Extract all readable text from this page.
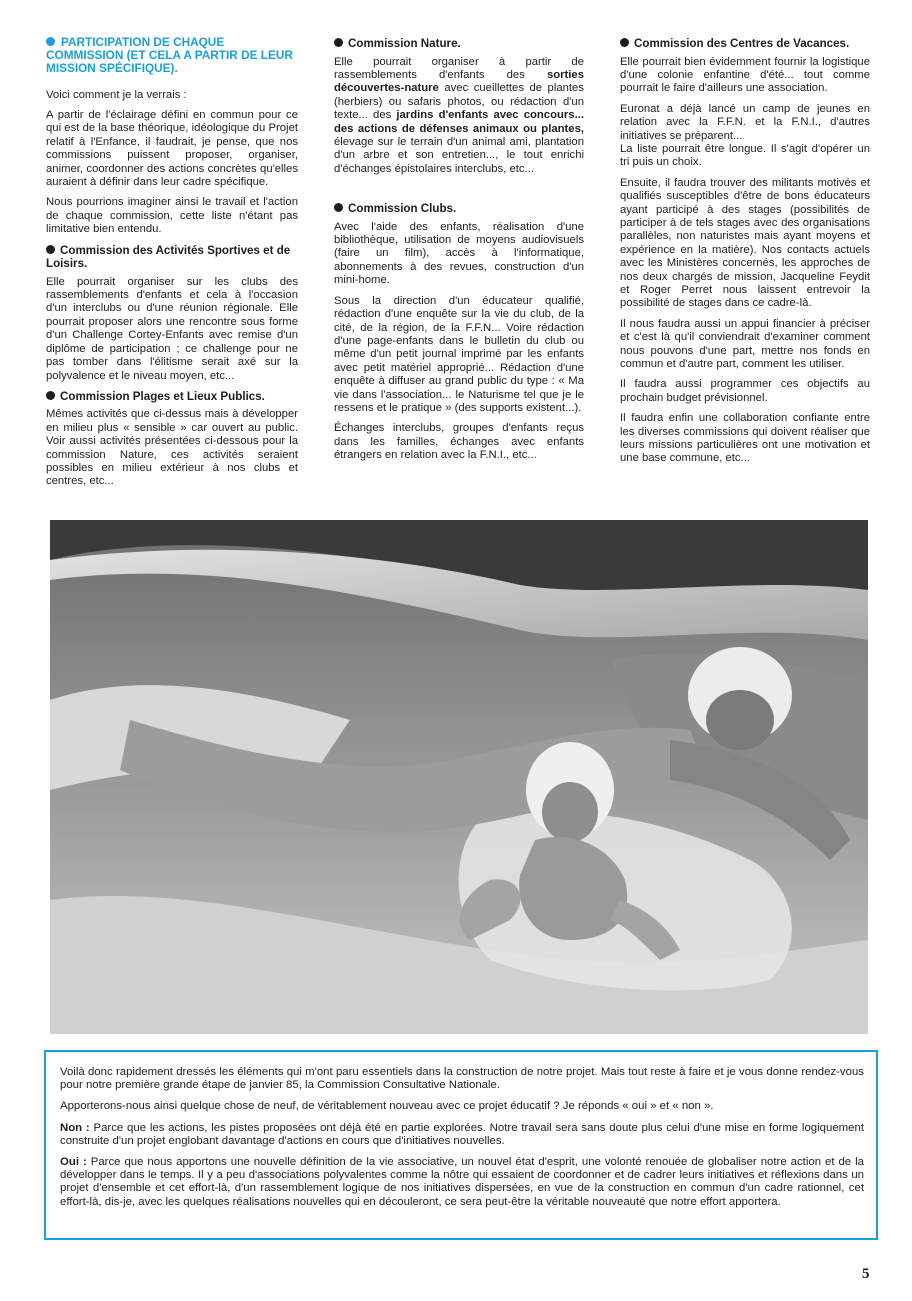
PARTICIPATION DE CHAQUE COMMISSION (ET CELA A PARTIR DE LEUR MISSION SPÉCIFIQUE).

Voici comment je la verrais :

A partir de l'éclairage défini en commun pour ce qui est de la base théorique, idéologique du Projet relatif à l'Enfance, il faudrait, je pense, que nos commissions puissent proposer, organiser, animer, coordonner des actions concrètes qu'elles auraient à définir dans leur cadre spécifique.

Nous pourrions imaginer ainsi le travail et l'action de chaque commission, cette liste n'étant pas limitative bien entendu.

Commission des Activités Sportives et de Loisirs.

Elle pourrait organiser sur les clubs des rassemblements d'enfants et cela à l'occasion d'un interclubs ou d'une réunion régionale. Elle pourrait proposer alors une rencontre sous forme d'un Challenge Cortey-Enfants avec remise d'un diplôme de participation ; ce challenge pour ne pas tomber dans l'élitisme serait axé sur la polyvalence et le niveau moyen, etc...

Commission Plages et Lieux Publics.

Mêmes activités que ci-dessus mais à développer en milieu plus « sensible » car ouvert au public. Voir aussi activités présentées ci-dessous pour la commission Nature, ces activités seraient possibles en milieu extérieur à nos clubs et centres, etc...

Commission Nature.

Elle pourrait organiser à partir de rassemblements d'enfants des sorties découvertes-nature avec cueillettes de plantes (herbiers) ou safaris photos, ou rédaction d'un texte... des jardins d'enfants avec concours... des actions de défenses animaux ou plantes, élevage sur le terrain d'un animal ami, plantation d'un arbre et son entretien..., le tout enrichi d'échanges épistolaires interclubs, etc...

Commission Clubs.

Avec l'aide des enfants, réalisation d'une bibliothèque, utilisation de moyens audiovisuels (faire un film), accès à l'informatique, abonnements à des revues, construction d'un mini-home.

Sous la direction d'un éducateur qualifié, rédaction d'une enquête sur la vie du club, de la cité, de la région, de la F.F.N... Voire rédaction d'une page-enfants dans le bulletin du club ou même d'un petit journal imprimé par les enfants avec petit matériel approprié... Rédaction d'une enquête à diffuser au grand public du type : « Ma vie dans l'association... le Naturisme tel que je le ressens et le pratique » (des supports existent...).

Échanges interclubs, groupes d'enfants reçus dans les familles, échanges avec enfants étrangers en relation avec la F.N.I., etc...

Commission des Centres de Vacances.

Elle pourrait bien évidemment fournir la logistique d'une colonie enfantine d'été... tout comme pourrait le faire d'ailleurs une association.

Euronat a déjà lancé un camp de jeunes en relation avec la F.F.N. et la F.N.I., d'autres initiatives se préparent...

La liste pourrait être longue. Il s'agit d'opérer un tri puis un choix.

Ensuite, il faudra trouver des militants motivés et qualifiés susceptibles d'être de bons éducateurs ayant participé à des stages (possibilités de participer à de tels stages avec des organisations parallèles, non naturistes mais ayant moyens et expérience en la matière). Nos contacts actuels avec les Ministères concernés, les approches de nos deux chargés de mission, Jacqueline Feydit et Roger Perret nous laissent entrevoir la possibilité de stages dans ce cadre-là.

Il nous faudra aussi un appui financier à préciser et c'est là qu'il conviendrait d'examiner comment nous pouvons d'une part, mettre nos fonds en commun et d'autre part, comment les utiliser.

Il faudra aussi programmer ces objectifs au prochain budget prévisionnel.

Il faudra enfin une collaboration confiante entre les diverses commissions qui doivent réaliser que leurs missions particulières ont une motivation et une base commune, etc...

Voilà donc rapidement dressés les éléments qui m'ont paru essentiels dans la construction de notre projet. Mais tout reste à faire et je vous donne rendez-vous pour notre première grande étape de janvier 85, la Commission Consultative Nationale.

Apporterons-nous ainsi quelque chose de neuf, de véritablement nouveau avec ce projet éducatif ? Je réponds « oui » et « non ».

Non : Parce que les actions, les pistes proposées ont déjà été en partie explorées. Notre travail sera sans doute plus celui d'une mise en forme logiquement construite d'un projet englobant davantage d'actions en cours que d'initiatives nouvelles.

Oui : Parce que nous apportons une nouvelle définition de la vie associative, un nouvel état d'esprit, une volonté renouée de globaliser notre action et de la développer dans le temps. Il y a peu d'associations polyvalentes comme la nôtre qui essaient de coordonner et de cadrer leurs initiatives et réflexions dans un projet d'ensemble et cet effort-là, d'un rassemblement logique de nos initiatives dispersées, en vue de la construction en commun d'un cadre rationnel, cet effort-là, dis-je, avec les quelques réalisations nouvelles qui en découleront, ce sera peut-être la véritable nouveauté que notre effort apportera.

5
